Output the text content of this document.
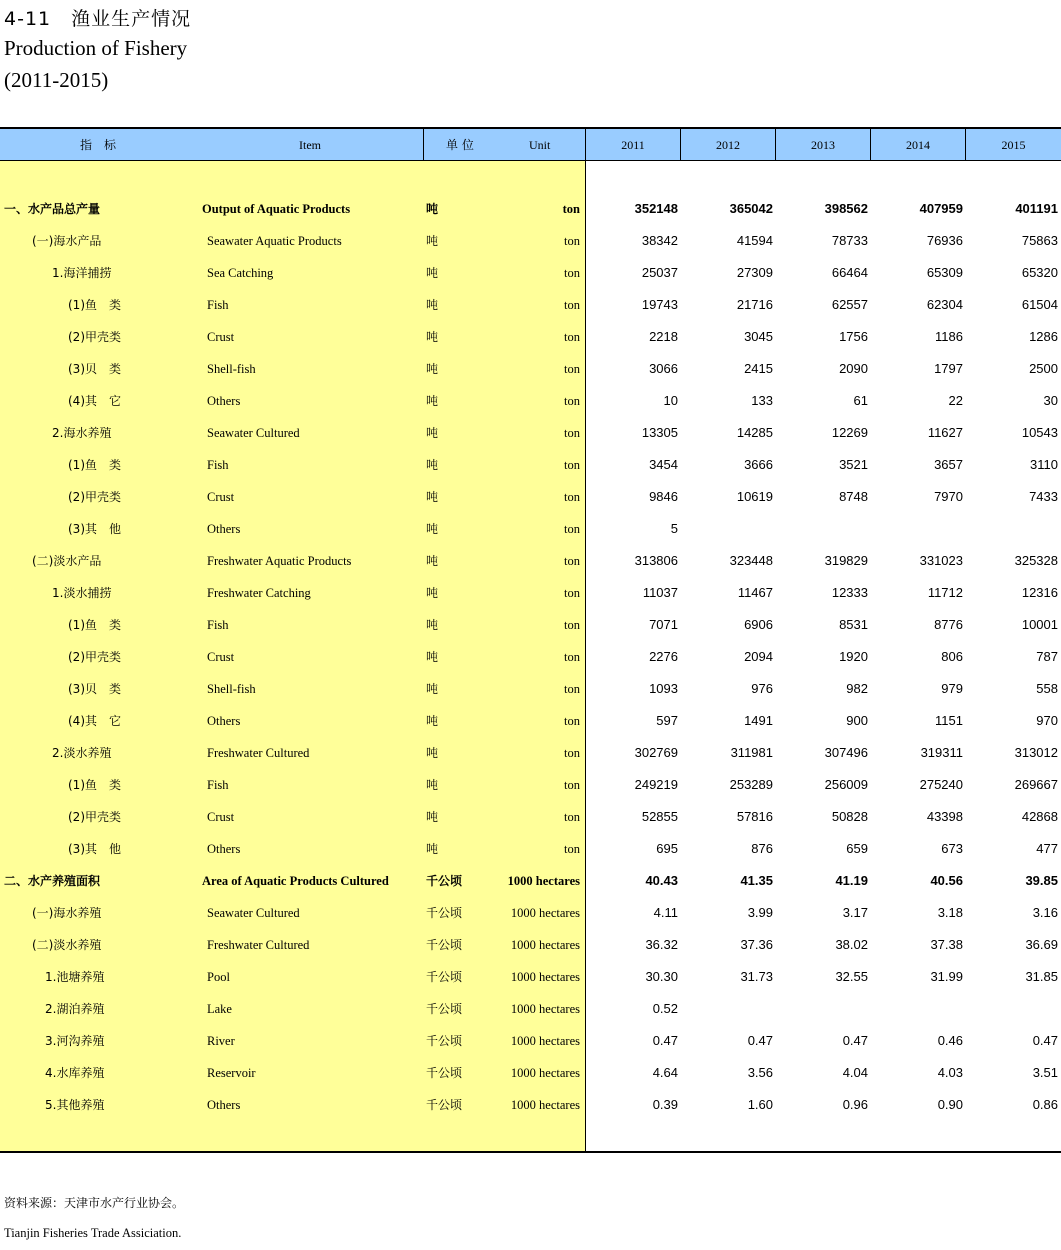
4-11　渔业生产情况
Production of Fishery
(2011-2015)
指　标	Item	单 位	Unit	2011	2012	2013	2014	2015
一、水产品总产量	Output of Aquatic Products	吨	ton	352148	365042	398562	407959	401191
(一)海水产品	Seawater Aquatic Products	吨	ton	38342	41594	78733	76936	75863
1.海洋捕捞	Sea Catching	吨	ton	25037	27309	66464	65309	65320
(1)鱼　类	Fish	吨	ton	19743	21716	62557	62304	61504
(2)甲壳类	Crust	吨	ton	2218	3045	1756	1186	1286
(3)贝　类	Shell-fish	吨	ton	3066	2415	2090	1797	2500
(4)其　它	Others	吨	ton	10	133	61	22	30
2.海水养殖	Seawater Cultured	吨	ton	13305	14285	12269	11627	10543
(1)鱼　类	Fish	吨	ton	3454	3666	3521	3657	3110
(2)甲壳类	Crust	吨	ton	9846	10619	8748	7970	7433
(3)其　他	Others	吨	ton	5
(二)淡水产品	Freshwater Aquatic Products	吨	ton	313806	323448	319829	331023	325328
1.淡水捕捞	Freshwater Catching	吨	ton	11037	11467	12333	11712	12316
(1)鱼　类	Fish	吨	ton	7071	6906	8531	8776	10001
(2)甲壳类	Crust	吨	ton	2276	2094	1920	806	787
(3)贝　类	Shell-fish	吨	ton	1093	976	982	979	558
(4)其　它	Others	吨	ton	597	1491	900	1151	970
2.淡水养殖	Freshwater Cultured	吨	ton	302769	311981	307496	319311	313012
(1)鱼　类	Fish	吨	ton	249219	253289	256009	275240	269667
(2)甲壳类	Crust	吨	ton	52855	57816	50828	43398	42868
(3)其　他	Others	吨	ton	695	876	659	673	477
二、水产养殖面积	Area of Aquatic Products Cultured	千公顷	1000 hectares	40.43	41.35	41.19	40.56	39.85
(一)海水养殖	Seawater Cultured	千公顷	1000 hectares	4.11	3.99	3.17	3.18	3.16
(二)淡水养殖	Freshwater Cultured	千公顷	1000 hectares	36.32	37.36	38.02	37.38	36.69
1.池塘养殖	Pool	千公顷	1000 hectares	30.30	31.73	32.55	31.99	31.85
2.湖泊养殖	Lake	千公顷	1000 hectares	0.52
3.河沟养殖	River	千公顷	1000 hectares	0.47	0.47	0.47	0.46	0.47
4.水库养殖	Reservoir	千公顷	1000 hectares	4.64	3.56	4.04	4.03	3.51
5.其他养殖	Others	千公顷	1000 hectares	0.39	1.60	0.96	0.90	0.86
资料来源：天津市水产行业协会。
Tianjin Fisheries Trade Assiciation.
